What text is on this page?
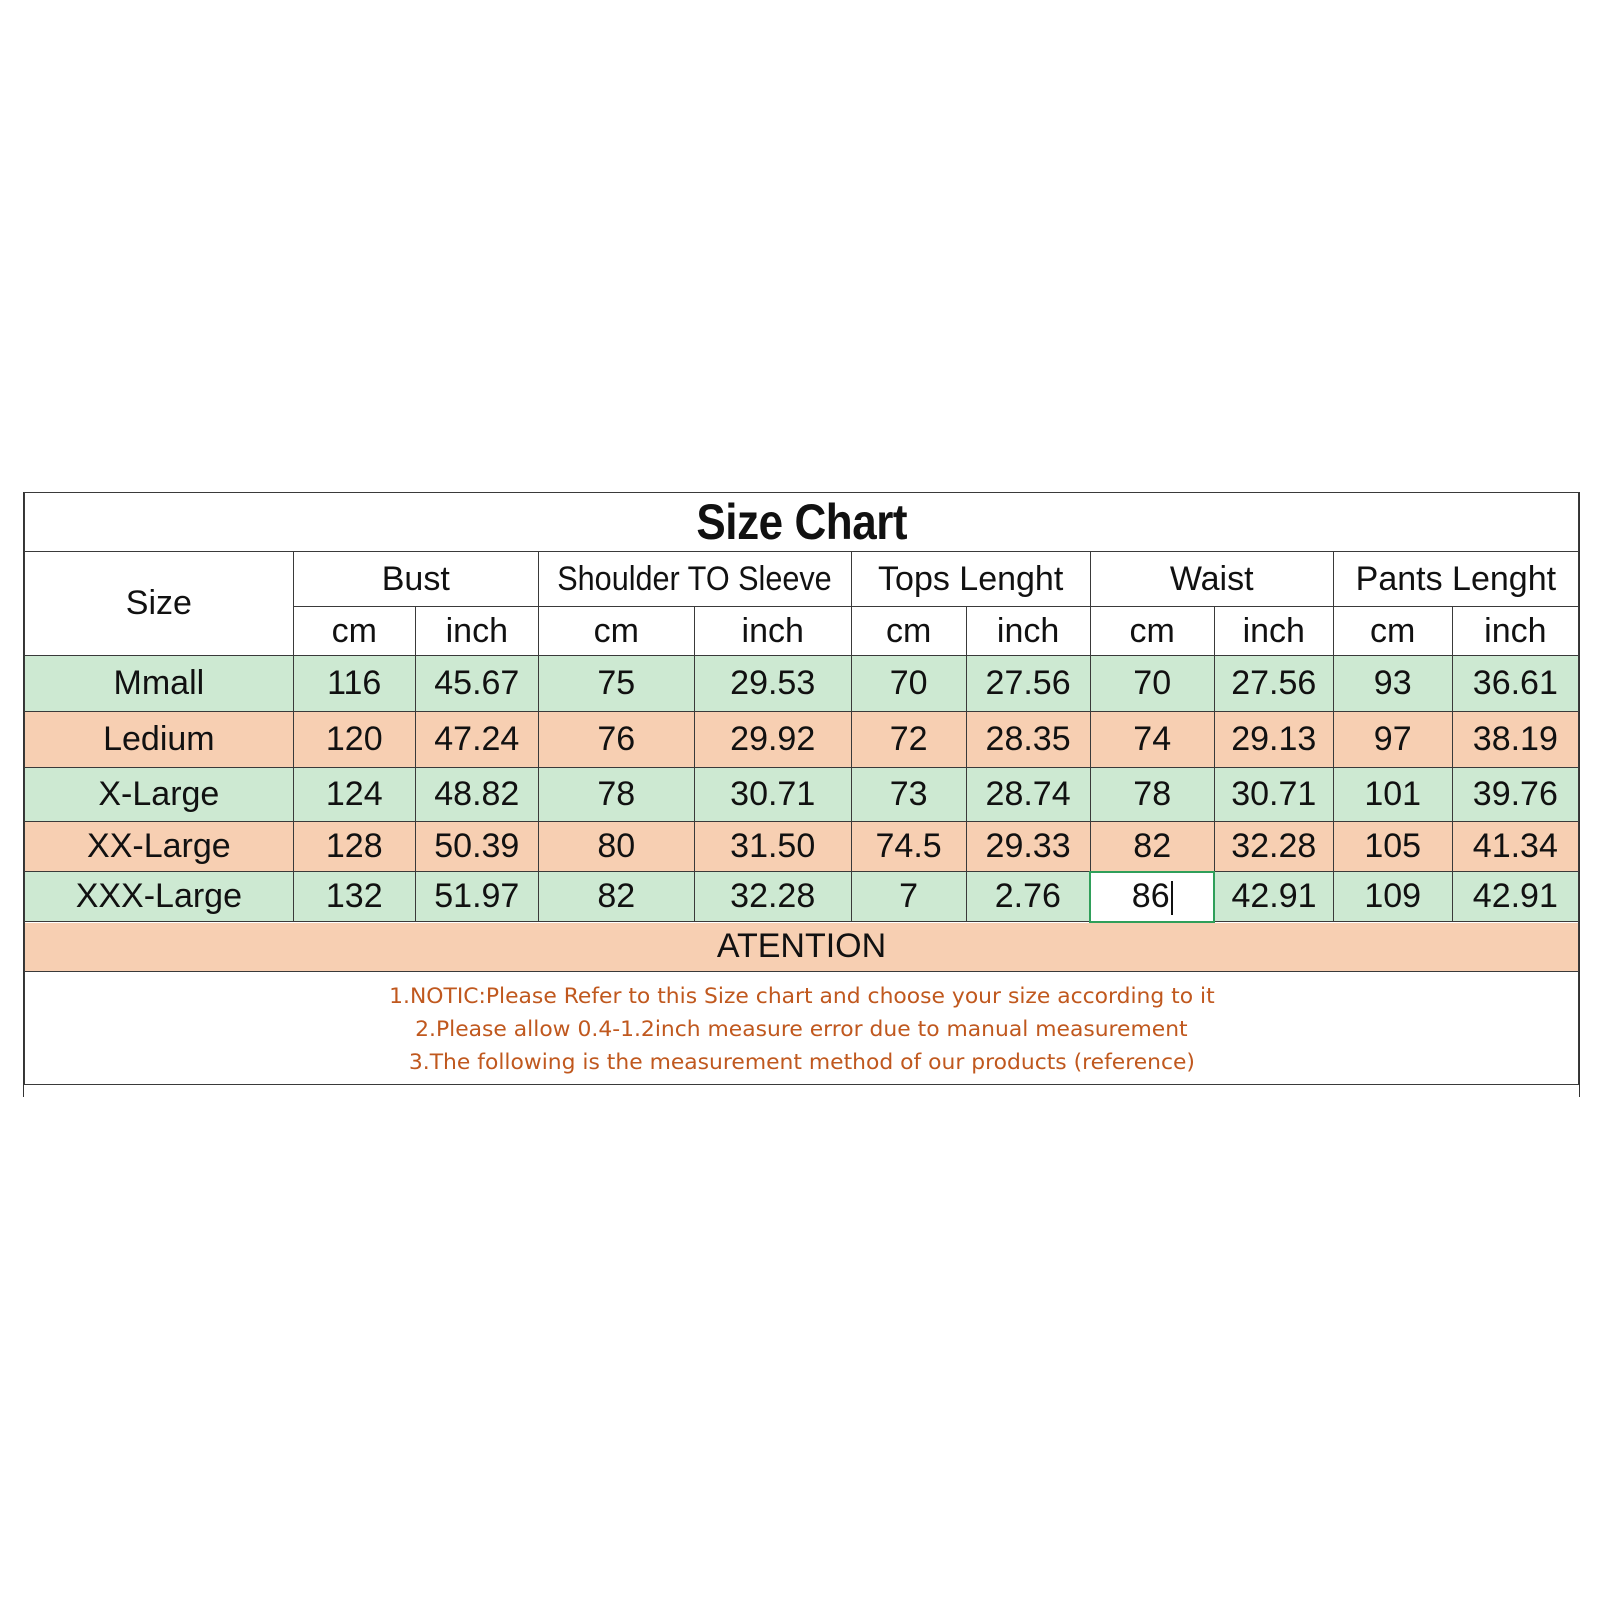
Size Chart										
Size	Bust		Shoulder TO Sleeve		Tops Lenght		Waist		Pants Lenght	
	cm	inch	cm	inch	cm	inch	cm	inch	cm	inch
Mmall	116	45.67	75	29.53	70	27.56	70	27.56	93	36.61
Ledium	120	47.24	76	29.92	72	28.35	74	29.13	97	38.19
X-Large	124	48.82	78	30.71	73	28.74	78	30.71	101	39.76
XX-Large	128	50.39	80	31.50	74.5	29.33	82	32.28	105	41.34
XXX-Large	132	51.97	82	32.28	7	2.76	86	42.91	109	42.91
ATENTION										

1.NOTIC:Please Refer to this Size chart and choose your size according to it
2.Please allow 0.4-1.2inch measure error due to manual measurement
3.The following is the measurement method of our products (reference)										
